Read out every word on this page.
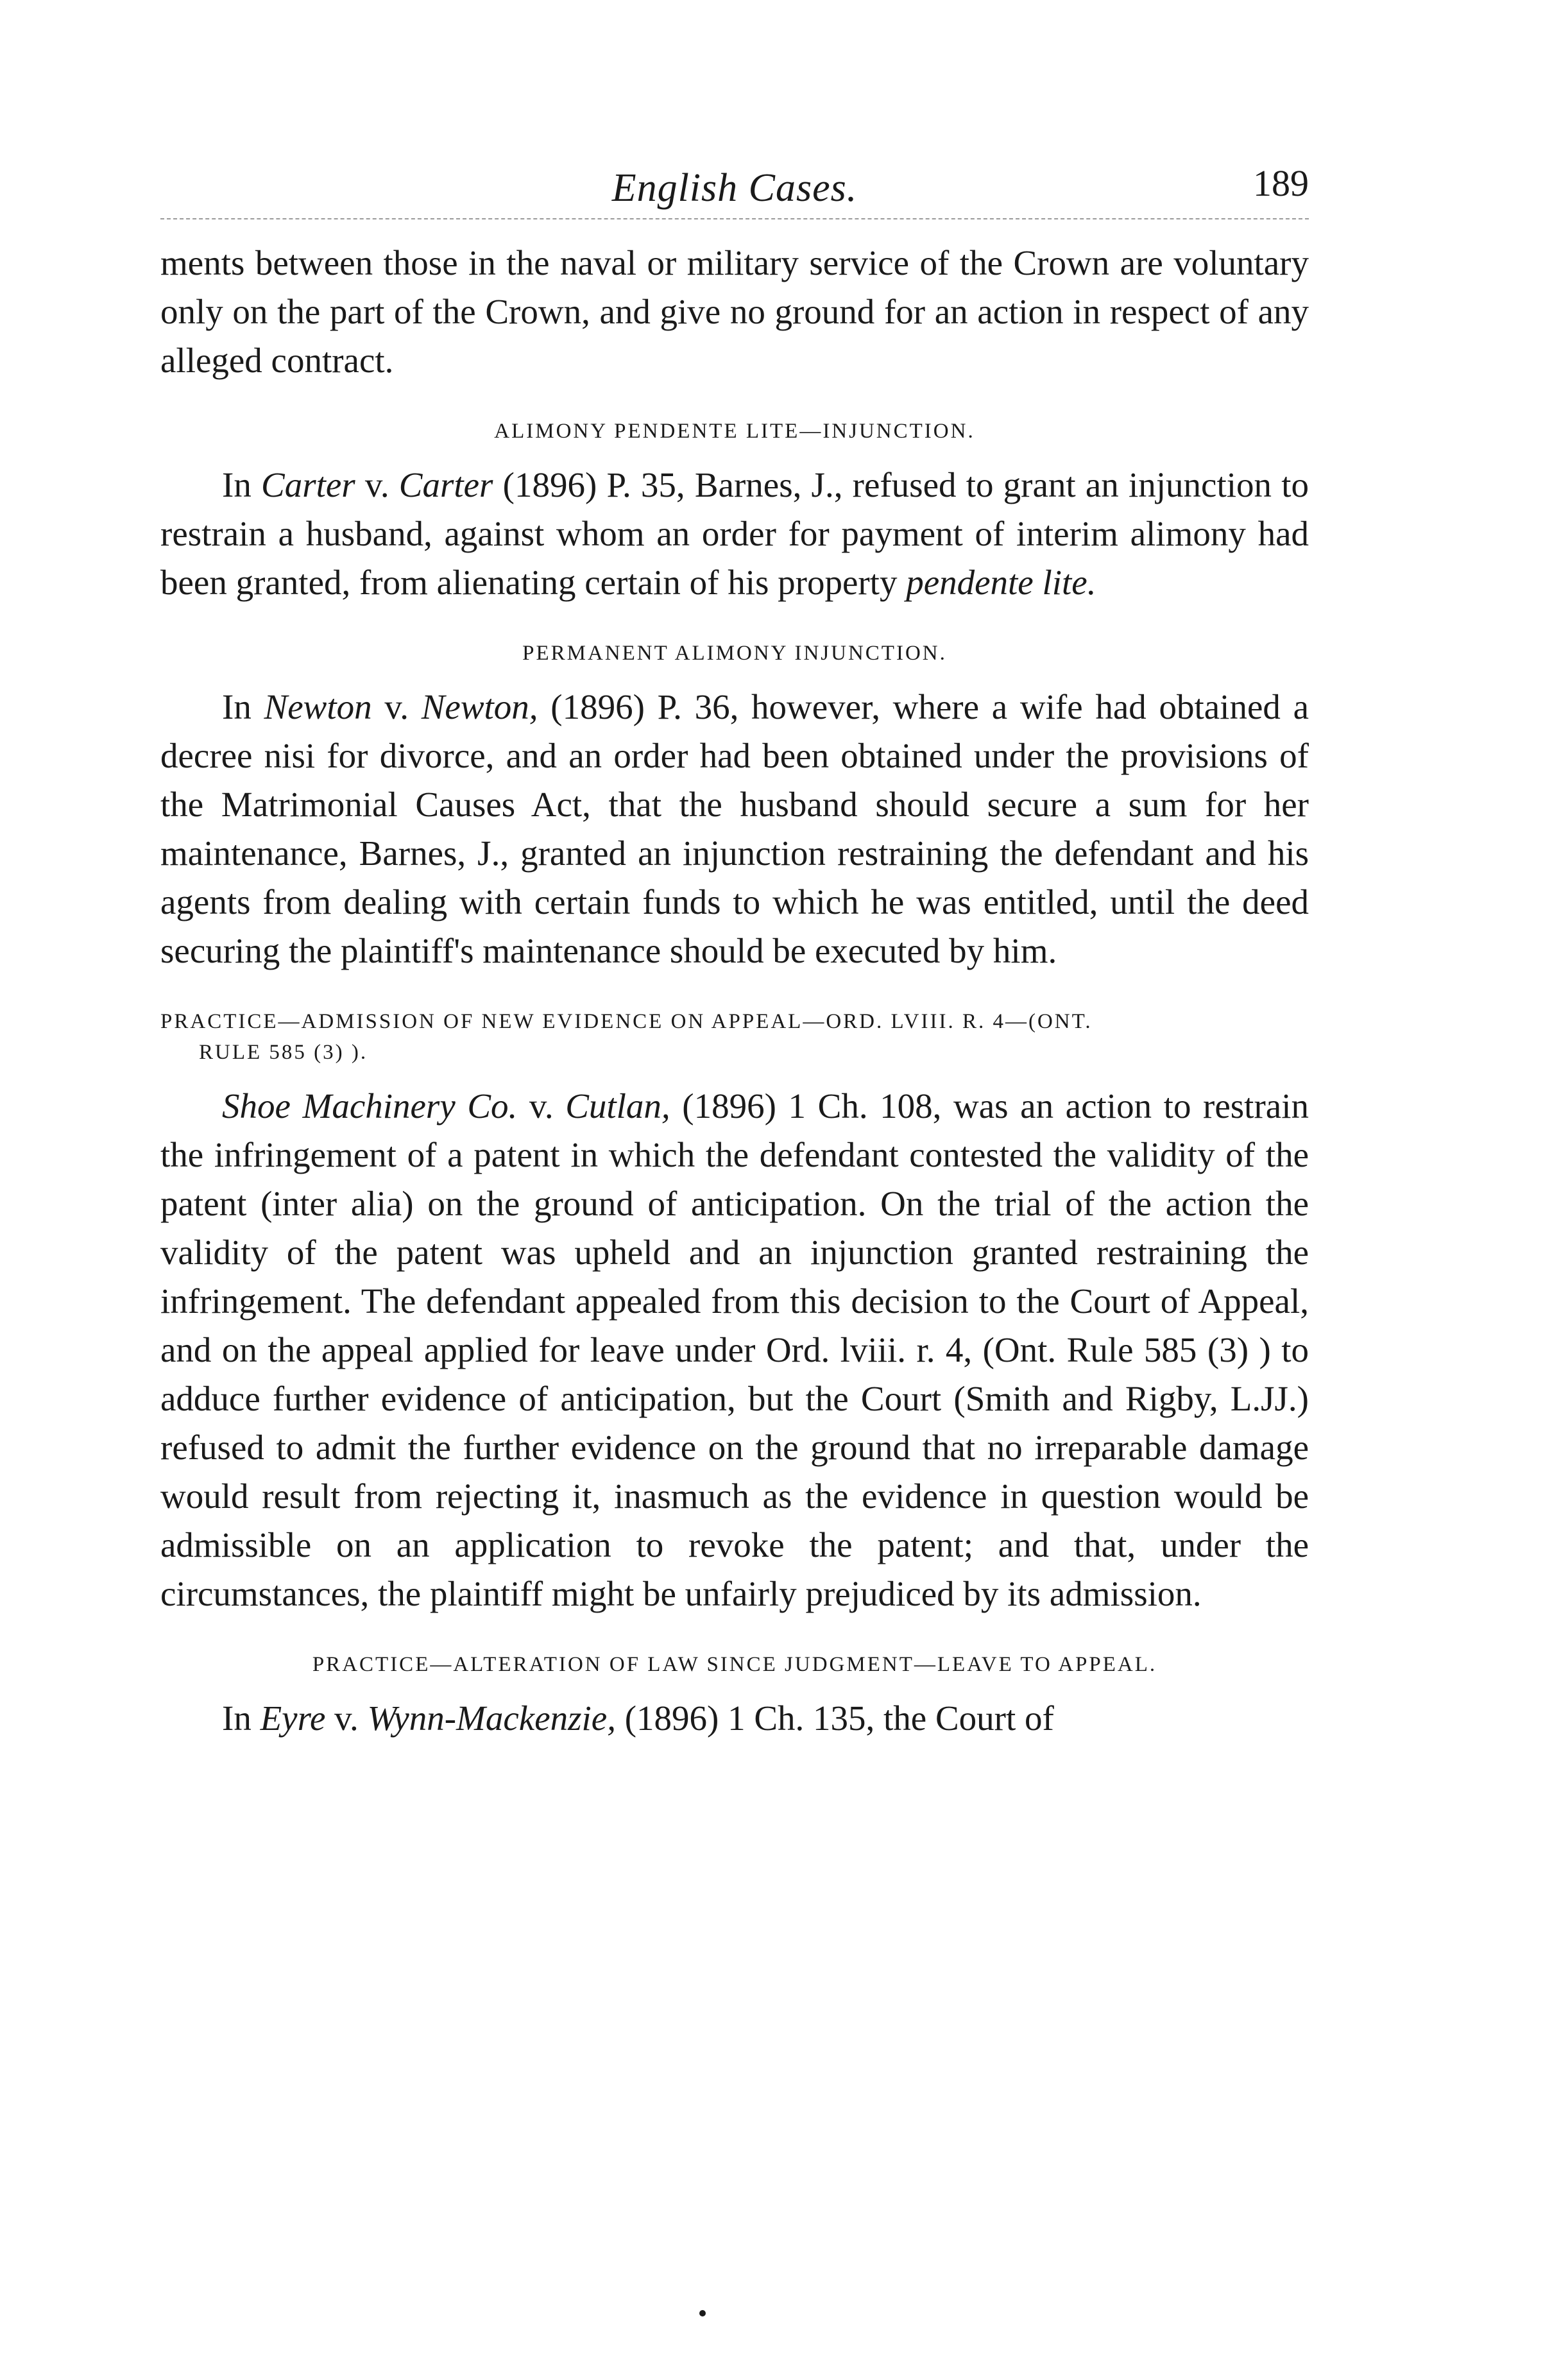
English Cases.	189

ments between those in the naval or military service of the Crown are voluntary only on the part of the Crown, and give no ground for an action in respect of any alleged contract.

ALIMONY PENDENTE LITE—INJUNCTION.

In Carter v. Carter (1896) P. 35, Barnes, J., refused to grant an injunction to restrain a husband, against whom an order for payment of interim alimony had been granted, from alienating certain of his property pendente lite.

PERMANENT ALIMONY INJUNCTION.

In Newton v. Newton, (1896) P. 36, however, where a wife had obtained a decree nisi for divorce, and an order had been obtained under the provisions of the Matrimonial Causes Act, that the husband should secure a sum for her maintenance, Barnes, J., granted an injunction restraining the defendant and his agents from dealing with certain funds to which he was entitled, until the deed securing the plaintiff's maintenance should be executed by him.

PRACTICE—ADMISSION OF NEW EVIDENCE ON APPEAL—ORD. LVIII. R. 4—(ONT.
RULE 585 (3) ).

Shoe Machinery Co. v. Cutlan, (1896) 1 Ch. 108, was an action to restrain the infringement of a patent in which the defendant contested the validity of the patent (inter alia) on the ground of anticipation. On the trial of the action the validity of the patent was upheld and an injunction granted restraining the infringement. The defendant appealed from this decision to the Court of Appeal, and on the appeal applied for leave under Ord. lviii. r. 4, (Ont. Rule 585 (3) ) to adduce further evidence of anticipation, but the Court (Smith and Rigby, L.JJ.) refused to admit the further evidence on the ground that no irreparable damage would result from rejecting it, inasmuch as the evidence in question would be admissible on an application to revoke the patent; and that, under the circumstances, the plaintiff might be unfairly prejudiced by its admission.

PRACTICE—ALTERATION OF LAW SINCE JUDGMENT—LEAVE TO APPEAL.

In Eyre v. Wynn-Mackenzie, (1896) 1 Ch. 135, the Court of
